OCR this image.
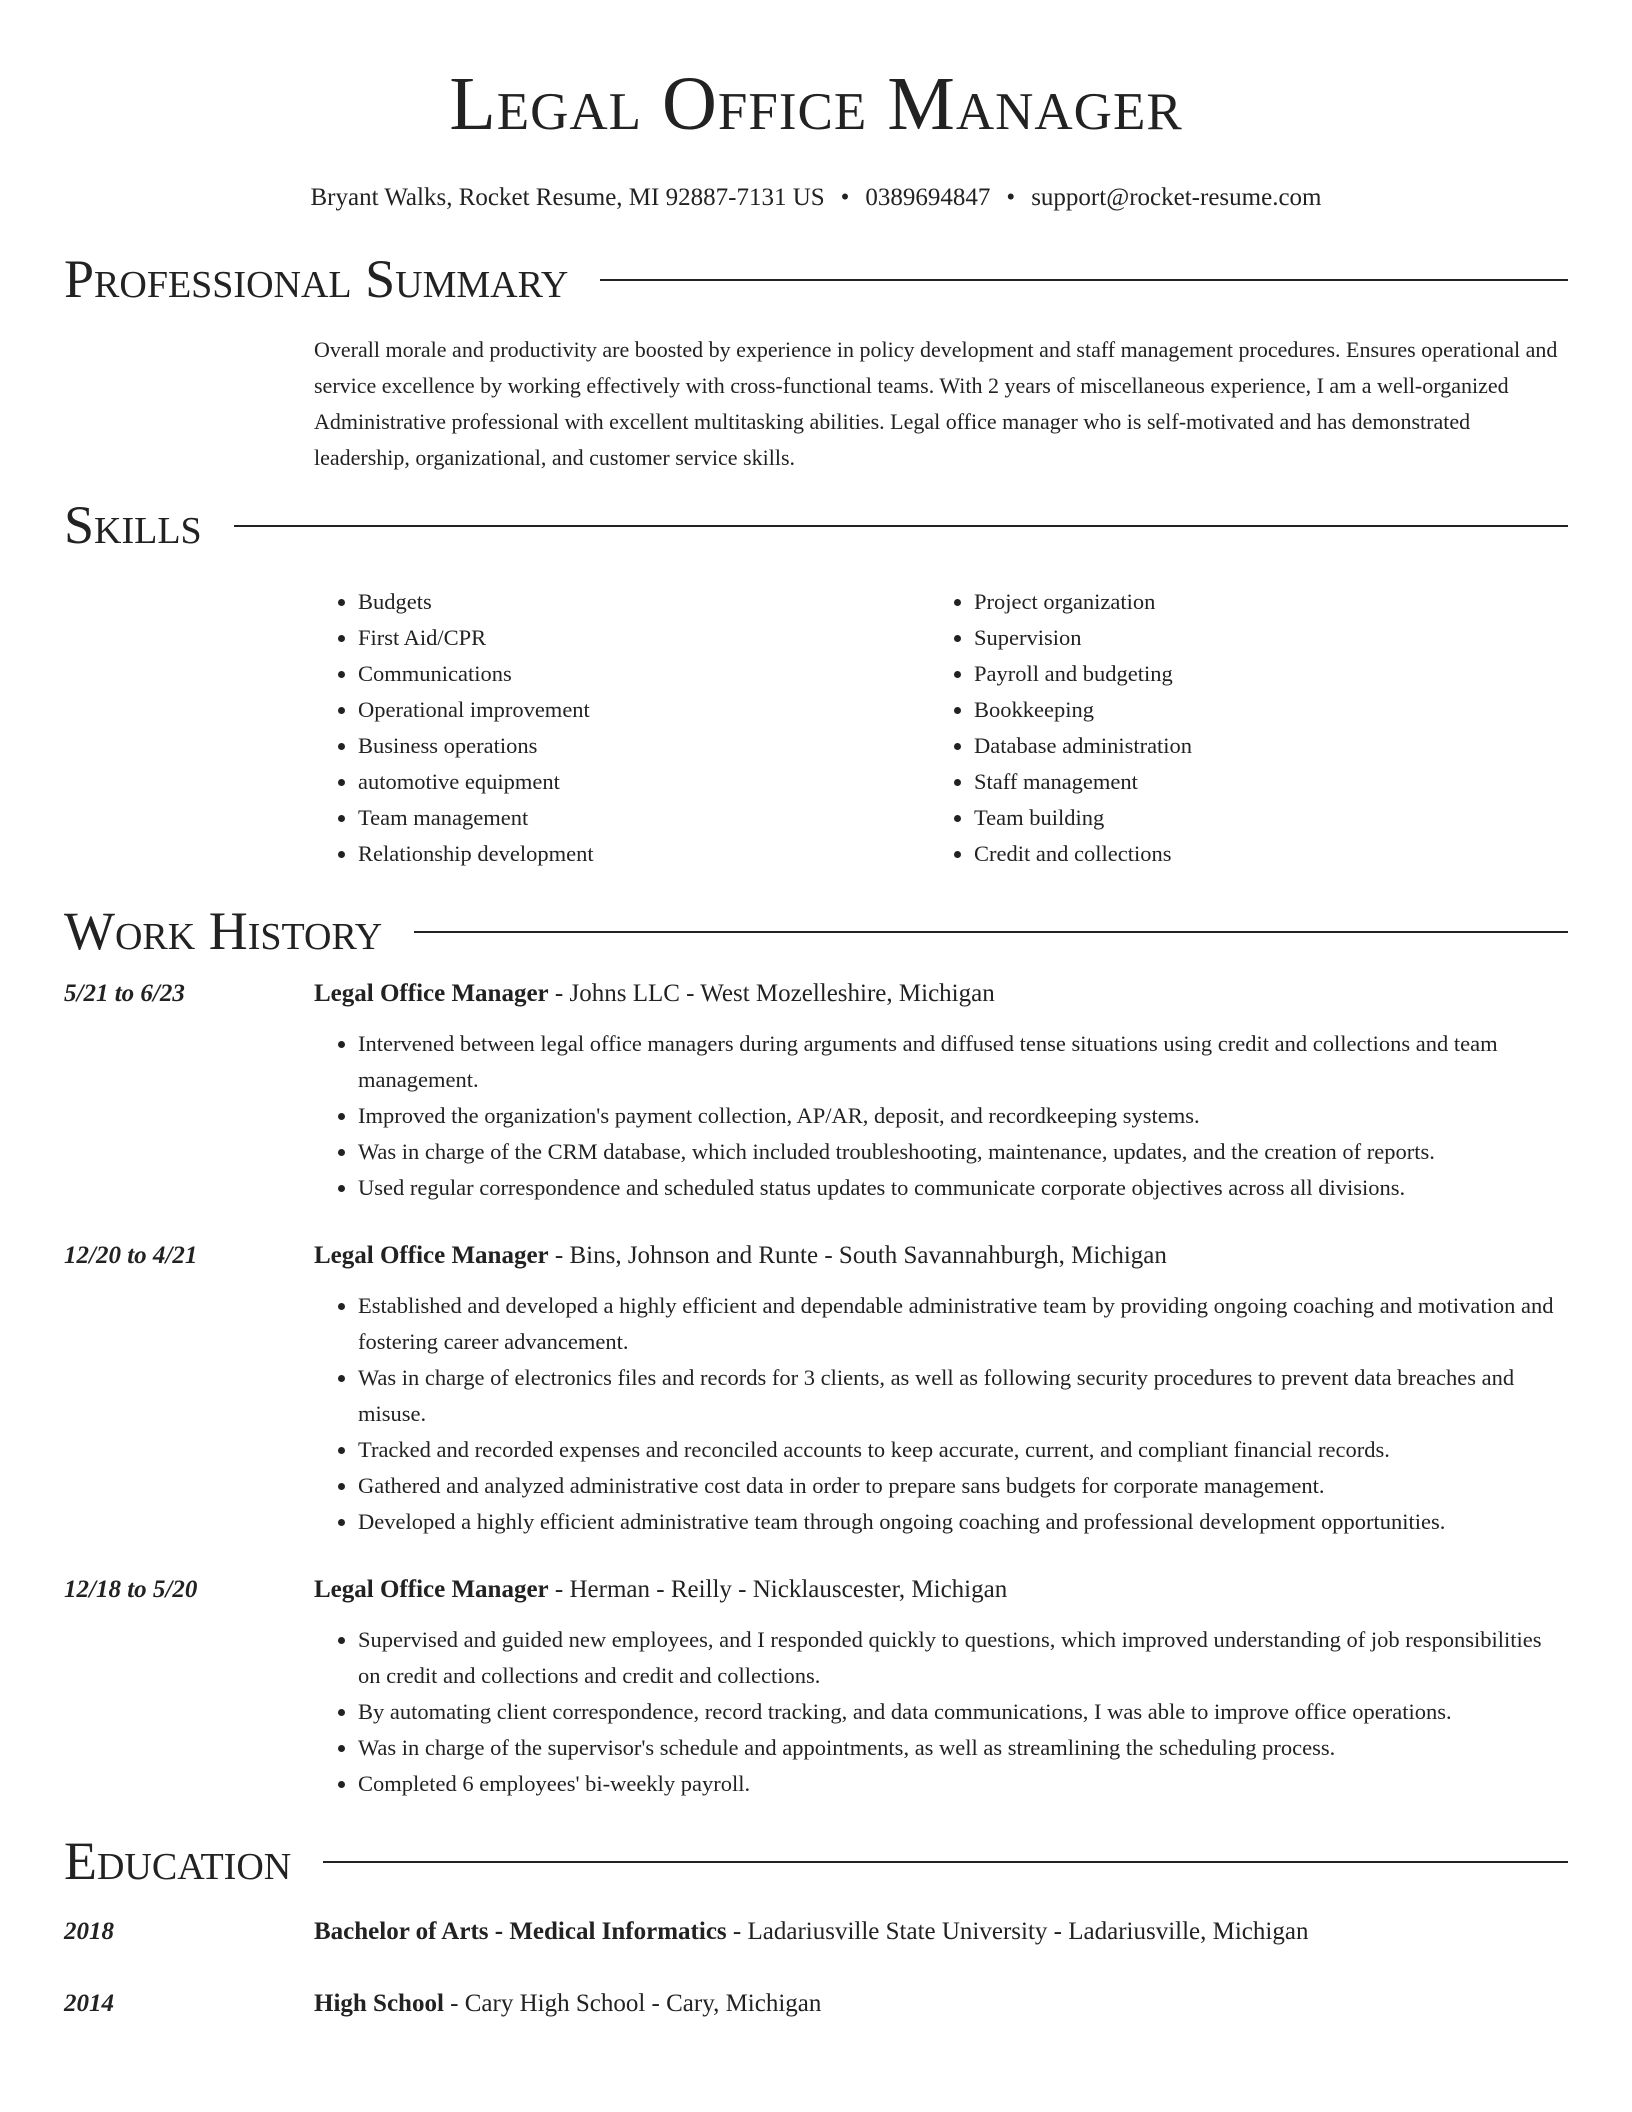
Legal Office Manager
Bryant Walks, Rocket Resume, MI 92887-7131 US • 0389694847 • support@rocket-resume.com
Professional Summary
Overall morale and productivity are boosted by experience in policy development and staff management procedures. Ensures operational and service excellence by working effectively with cross-functional teams. With 2 years of miscellaneous experience, I am a well-organized Administrative professional with excellent multitasking abilities. Legal office manager who is self-motivated and has demonstrated leadership, organizational, and customer service skills.
Skills
• Budgets
• First Aid/CPR
• Communications
• Operational improvement
• Business operations
• automotive equipment
• Team management
• Relationship development
• Project organization
• Supervision
• Payroll and budgeting
• Bookkeeping
• Database administration
• Staff management
• Team building
• Credit and collections
Work History
5/21 to 6/23	Legal Office Manager - Johns LLC - West Mozelleshire, Michigan
• Intervened between legal office managers during arguments and diffused tense situations using credit and collections and team management.
• Improved the organization's payment collection, AP/AR, deposit, and recordkeeping systems.
• Was in charge of the CRM database, which included troubleshooting, maintenance, updates, and the creation of reports.
• Used regular correspondence and scheduled status updates to communicate corporate objectives across all divisions.
12/20 to 4/21	Legal Office Manager - Bins, Johnson and Runte - South Savannahburgh, Michigan
• Established and developed a highly efficient and dependable administrative team by providing ongoing coaching and motivation and fostering career advancement.
• Was in charge of electronics files and records for 3 clients, as well as following security procedures to prevent data breaches and misuse.
• Tracked and recorded expenses and reconciled accounts to keep accurate, current, and compliant financial records.
• Gathered and analyzed administrative cost data in order to prepare sans budgets for corporate management.
• Developed a highly efficient administrative team through ongoing coaching and professional development opportunities.
12/18 to 5/20	Legal Office Manager - Herman - Reilly - Nicklauscester, Michigan
• Supervised and guided new employees, and I responded quickly to questions, which improved understanding of job responsibilities on credit and collections and credit and collections.
• By automating client correspondence, record tracking, and data communications, I was able to improve office operations.
• Was in charge of the supervisor's schedule and appointments, as well as streamlining the scheduling process.
• Completed 6 employees' bi-weekly payroll.
Education
2018	Bachelor of Arts - Medical Informatics - Ladariusville State University - Ladariusville, Michigan
2014	High School - Cary High School - Cary, Michigan
